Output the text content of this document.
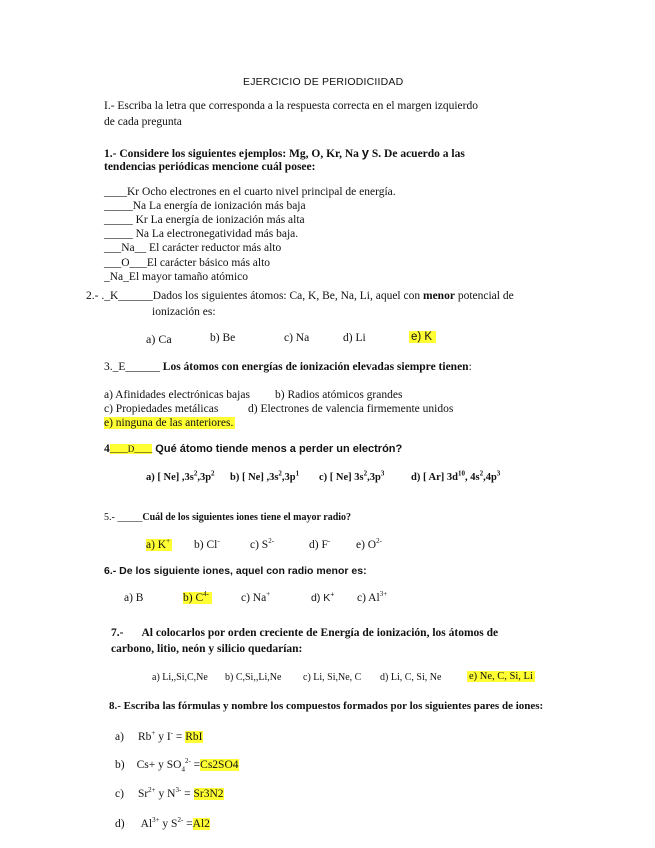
EJERCICIO DE PERIODICIIDAD
I.- Escriba la letra que corresponda a la respuesta correcta en el margen izquierdo
de cada pregunta
1.- Considere los siguientes ejemplos: Mg, O, Kr, Na y S. De acuerdo a las
tendencias periódicas mencione cuál posee:
____Kr Ocho electrones en el cuarto nivel principal de energía.
_____Na La energía de ionización más baja
_____ Kr La energía de ionización más alta
_____ Na La electronegatividad más baja.
___Na__ El carácter reductor más alto
___O___El carácter básico más alto
_Na_El mayor tamaño atómico
2.- ._K______Dados los siguientes átomos: Ca, K, Be, Na, Li, aquel con menor potencial de
ionización es:
a) Ca	b) Be	c) Na	d) Li	e) K
3._E______ Los átomos con energías de ionización elevadas siempre tienen:
a) Afinidades electrónicas bajas b) Radios atómicos grandes
c) Propiedades metálicas	d) Electrones de valencia firmemente unidos
e) ninguna de las anteriores.
4____D____ Qué átomo tiende menos a perder un electrón?
a) [ Ne] $,3s^2,3p^2$ b) [ Ne] $,3s^2,3p^1$ c) [ Ne] $3s^2,3p^3$	d) [ Ar] $3d^{10}$, $4s^2,4p^3$
5.- _____Cuál de los siguientes iones tiene el mayor radio?
a) K+ b) Cl-	c) $S^{2-}$	d) F- e) $O^{2-}$
6.- De los siguiente iones, aquel con radio menor es:
a) B	b) $C^{4-}$	c) Na+	d) K+ c) $Al^{3+}$
7.- Al colocarlos por orden creciente de Energía de ionización, los átomos de
carbono, litio, neón y silicio quedarían:
a) Li,,Si,C,Ne b) C,Si,,Li,Ne c) Li, Si,Ne, C d) Li, C, Si, Ne	e) Ne, C, Si, Li
8.- Escriba las fórmulas y nombre los compuestos formados por los siguientes pares de iones:
a) Rb+ y I- = RbI
b) Cs+ y $SO_4^{2-} =Cs2SO4$
c) $Sr^{2+}$ y $N^{3-} = Sr3N2$
d) $Al^{3+}$ y $S^{2-} =Al2$
